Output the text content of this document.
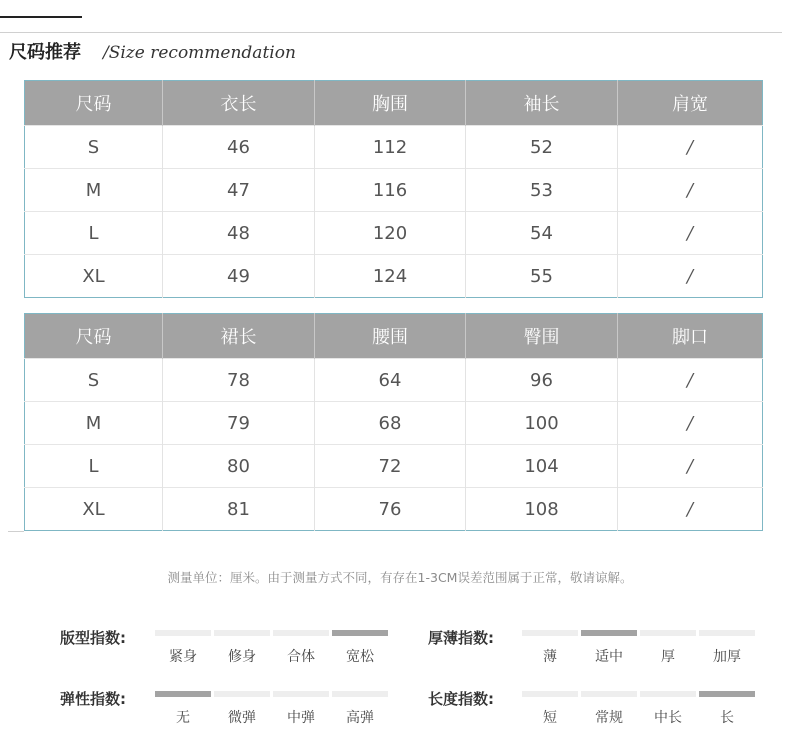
尺码推荐 /Size recommendation
尺码	衣长	胸围	袖长	肩宽
S	46	112	52	/
M	47	116	53	/
L	48	120	54	/
XL	49	124	55	/
尺码	裙长	腰围	臀围	脚口
S	78	64	96	/
M	79	68	100	/
L	80	72	104	/
XL	81	76	108	/
测量单位：厘米。由于测量方式不同，有存在1-3CM误差范围属于正常，敬请谅解。
版型指数:
紧身	修身	合体	宽松
厚薄指数:
薄	适中	厚	加厚
弹性指数:
无	微弹	中弹	高弹
长度指数:
短	常规	中长	长
